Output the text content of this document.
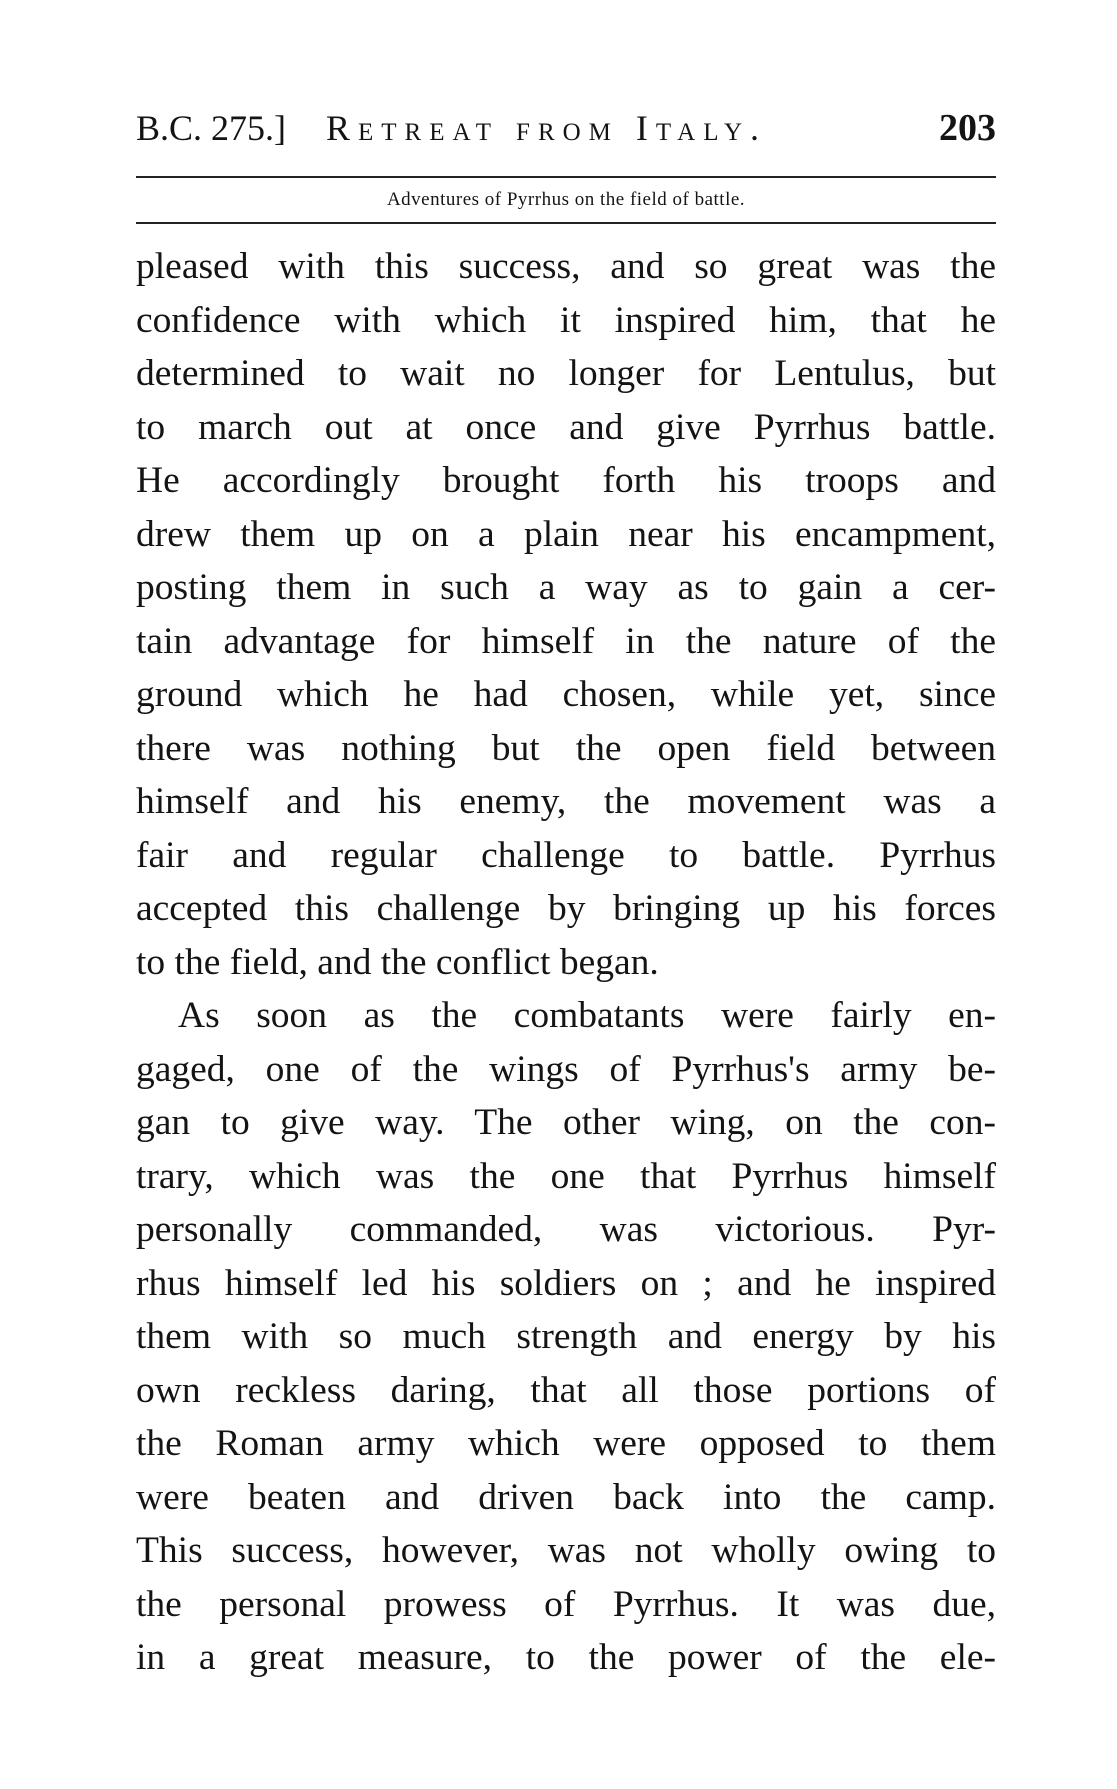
B.C. 275.] Retreat from Italy.	203
Adventures of Pyrrhus on the field of battle.
pleased with this success, and so great was the
confidence with which it inspired him, that he
determined to wait no longer for Lentulus, but
to march out at once and give Pyrrhus battle.
He accordingly brought forth his troops and
drew them up on a plain near his encampment,
posting them in such a way as to gain a cer-
tain advantage for himself in the nature of the
ground which he had chosen, while yet, since
there was nothing but the open field between
himself and his enemy, the movement was a
fair and regular challenge to battle. Pyrrhus
accepted this challenge by bringing up his forces
to the field, and the conflict began.
As soon as the combatants were fairly en-
gaged, one of the wings of Pyrrhus's army be-
gan to give way. The other wing, on the con-
trary, which was the one that Pyrrhus himself
personally commanded, was victorious. Pyr-
rhus himself led his soldiers on ; and he inspired
them with so much strength and energy by his
own reckless daring, that all those portions of
the Roman army which were opposed to them
were beaten and driven back into the camp.
This success, however, was not wholly owing to
the personal prowess of Pyrrhus. It was due,
in a great measure, to the power of the ele-
